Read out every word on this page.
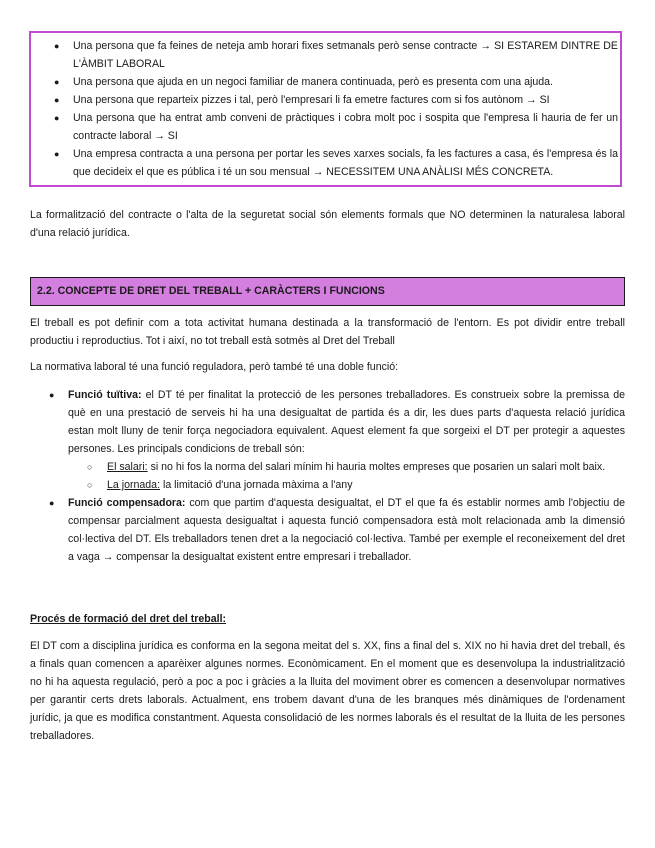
● Una persona que fa feines de neteja amb horari fixes setmanals però sense contracte → SI ESTAREM DINTRE DE L'ÀMBIT LABORAL
● Una persona que ajuda en un negoci familiar de manera continuada, però es presenta com una ajuda.
● Una persona que reparteix pizzes i tal, però l'empresari li fa emetre factures com si fos autònom → SI
● Una persona que ha entrat amb conveni de pràctiques i cobra molt poc i sospita que l'empresa li hauria de fer un contracte laboral → SI
● Una empresa contracta a una persona per portar les seves xarxes socials, fa les factures a casa, és l'empresa és la que decideix el que es pública i té un sou mensual → NECESSITEM UNA ANÀLISI MÉS CONCRETA.

La formalització del contracte o l'alta de la seguretat social són elements formals que NO determinen la naturalesa laboral d'una relació jurídica.

2.2. CONCEPTE DE DRET DEL TREBALL + CARÀCTERS I FUNCIONS

El treball es pot definir com a tota activitat humana destinada a la transformació de l'entorn. Es pot dividir entre treball productiu i reproductius. Tot i així, no tot treball està sotmès al Dret del Treball

La normativa laboral té una funció reguladora, però també té una doble funció:

● Funció tuïtiva: el DT té per finalitat la protecció de les persones treballadores. Es construeix sobre la premissa de què en una prestació de serveis hi ha una desigualtat de partida és a dir, les dues parts d'aquesta relació jurídica estan molt lluny de tenir força negociadora equivalent. Aquest element fa que sorgeixi el DT per protegir a aquestes persones. Les principals condicions de treball són:
○ El salari: si no hi fos la norma del salari mínim hi hauria moltes empreses que posarien un salari molt baix.
○ La jornada: la limitació d'una jornada màxima a l'any
● Funció compensadora: com que partim d'aquesta desigualtat, el DT el que fa és establir normes amb l'objectiu de compensar parcialment aquesta desigualtat i aquesta funció compensadora està molt relacionada amb la dimensió col·lectiva del DT. Els treballadors tenen dret a la negociació col·lectiva. També per exemple el reconeixement del dret a vaga → compensar la desigualtat existent entre empresari i treballador.

Procés de formació del dret del treball:

El DT com a disciplina jurídica es conforma en la segona meitat del s. XX, fins a final del s. XIX no hi havia dret del treball, és a finals quan comencen a aparèixer algunes normes. Econòmicament. En el moment que es desenvolupa la industrialització no hi ha aquesta regulació, però a poc a poc i gràcies a la lluita del moviment obrer es comencen a desenvolupar normatives per garantir certs drets laborals. Actualment, ens trobem davant d'una de les branques més dinàmiques de l'ordenament jurídic, ja que es modifica constantment. Aquesta consolidació de les normes laborals és el resultat de la lluita de les persones treballadores.
